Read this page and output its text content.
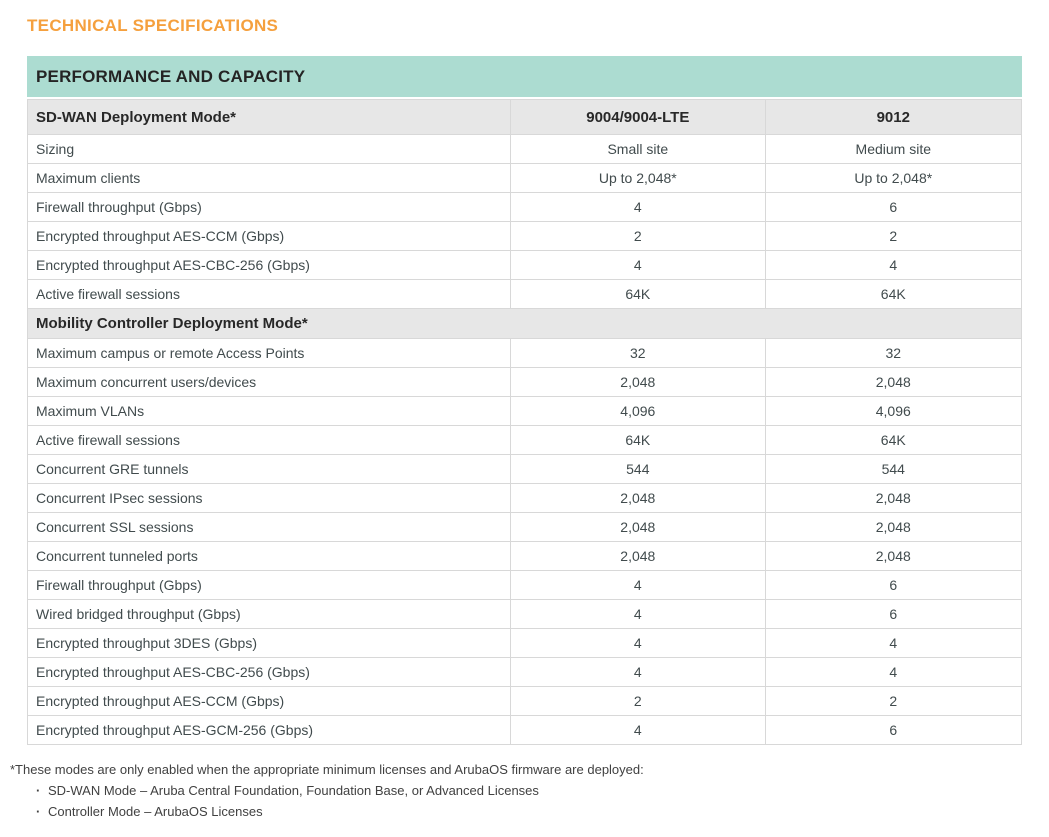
TECHNICAL SPECIFICATIONS
PERFORMANCE AND CAPACITY
SD-WAN Deployment Mode*	9004/9004-LTE	9012
Sizing	Small site	Medium site
Maximum clients	Up to 2,048*	Up to 2,048*
Firewall throughput (Gbps)	4	6
Encrypted throughput AES-CCM (Gbps)	2	2
Encrypted throughput AES-CBC-256 (Gbps)	4	4
Active firewall sessions	64K	64K
Mobility Controller Deployment Mode*		
Maximum campus or remote Access Points	32	32
Maximum concurrent users/devices	2,048	2,048
Maximum VLANs	4,096	4,096
Active firewall sessions	64K	64K
Concurrent GRE tunnels	544	544
Concurrent IPsec sessions	2,048	2,048
Concurrent SSL sessions	2,048	2,048
Concurrent tunneled ports	2,048	2,048
Firewall throughput (Gbps)	4	6
Wired bridged throughput (Gbps)	4	6
Encrypted throughput 3DES (Gbps)	4	4
Encrypted throughput AES-CBC-256 (Gbps)	4	4
Encrypted throughput AES-CCM (Gbps)	2	2
Encrypted throughput AES-GCM-256 (Gbps)	4	6

*These modes are only enabled when the appropriate minimum licenses and ArubaOS firmware are deployed:

· SD-WAN Mode – Aruba Central Foundation, Foundation Base, or Advanced Licenses
· Controller Mode – ArubaOS Licenses
